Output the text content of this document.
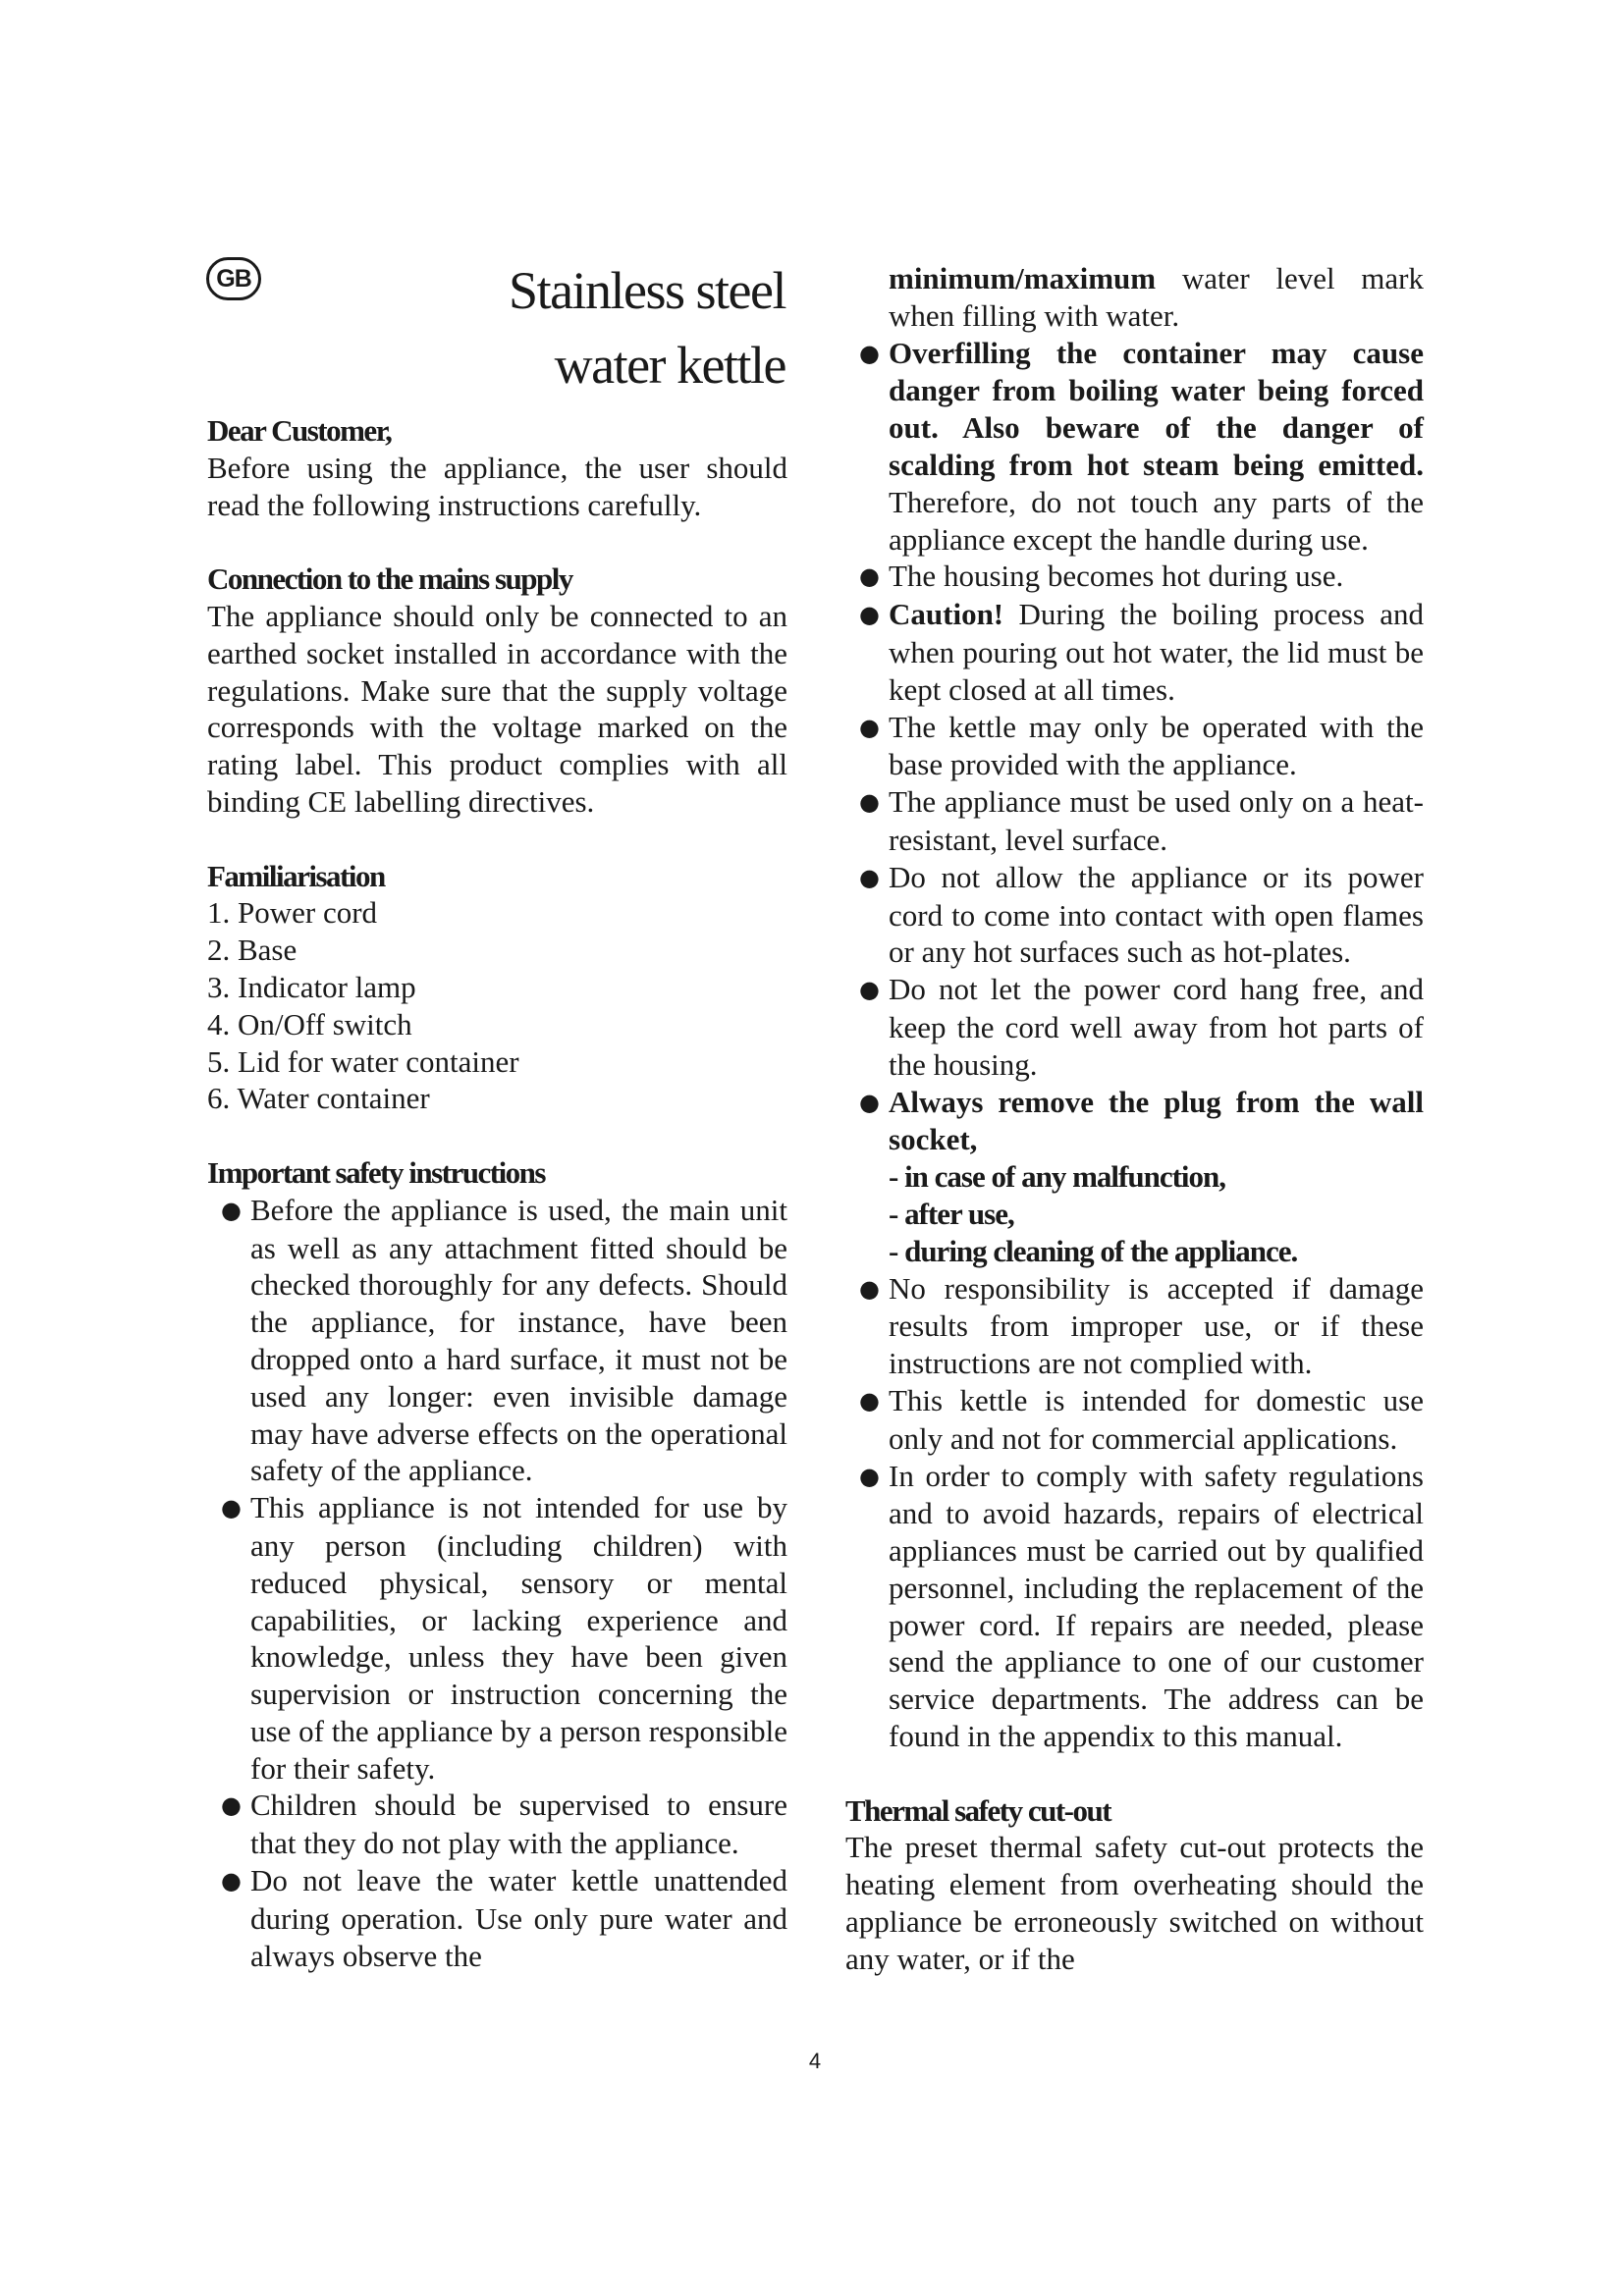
GB	Stainless steel
water kettle

Dear Customer,

Before using the appliance, the user should read the following instructions carefully.

Connection to the mains supply

The appliance should only be connected to an earthed socket installed in accordance with the regulations. Make sure that the supply voltage corresponds with the voltage marked on the rating label. This product complies with all binding CE labelling directives.

Familiarisation

1. Power cord
2. Base
3. Indicator lamp
4. On/Off switch
5. Lid for water container
6. Water container

Important safety instructions

● Before the appliance is used, the main unit as well as any attachment fitted should be checked thoroughly for any defects. Should the appliance, for instance, have been dropped onto a hard surface, it must not be used any longer: even invisible damage may have adverse effects on the operational safety of the appliance.
● This appliance is not intended for use by any person (including children) with reduced physical, sensory or mental capabilities, or lacking experience and knowledge, unless they have been given supervision or instruction concerning the use of the appliance by a person responsible for their safety.
● Children should be supervised to ensure that they do not play with the appliance.
● Do not leave the water kettle unattended during operation. Use only pure water and always observe the

minimum/maximum water level mark when filling with water.

● Overfilling the container may cause danger from boiling water being forced out. Also beware of the danger of scalding from hot steam being emitted. Therefore, do not touch any parts of the appliance except the handle during use.
● The housing becomes hot during use.
● Caution! During the boiling process and when pouring out hot water, the lid must be kept closed at all times.
● The kettle may only be operated with the base provided with the appliance.
● The appliance must be used only on a heat-resistant, level surface.
● Do not allow the appliance or its power cord to come into contact with open flames or any hot surfaces such as hot-plates.
● Do not let the power cord hang free, and keep the cord well away from hot parts of the housing.
● Always remove the plug from the wall socket,
- in case of any malfunction,
- after use,
- during cleaning of the appliance.
● No responsibility is accepted if damage results from improper use, or if these instructions are not complied with.
● This kettle is intended for domestic use only and not for commercial applications.
● In order to comply with safety regulations and to avoid hazards, repairs of electrical appliances must be carried out by qualified personnel, including the replacement of the power cord. If repairs are needed, please send the appliance to one of our customer service departments. The address can be found in the appendix to this manual.

Thermal safety cut-out

The preset thermal safety cut-out protects the heating element from overheating should the appliance be erroneously switched on without any water, or if the

4
